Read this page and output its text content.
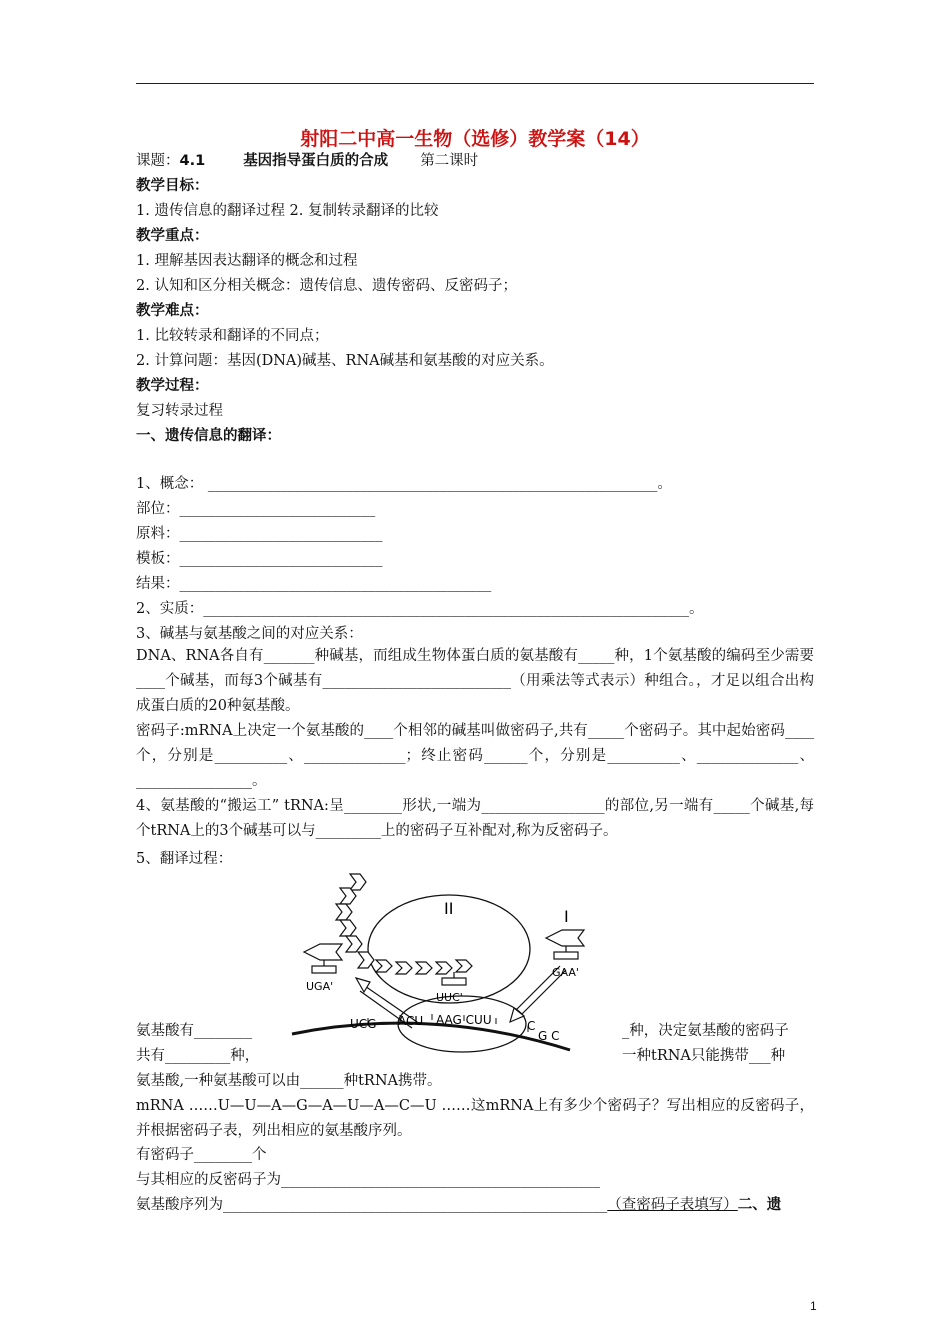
射阳二中高一生物（选修）教学案（14）
课题：4.1	基因指导蛋白质的合成 第二课时
教学目标：
1. 遗传信息的翻译过程 2. 复制转录翻译的比较
教学重点：
1. 理解基因表达翻译的概念和过程
2. 认知和区分相关概念：遗传信息、遗传密码、反密码子；
教学难点：
1. 比较转录和翻译的不同点；
2. 计算问题：基因(DNA)碱基、RNA碱基和氨基酸的对应关系。
教学过程：
复习转录过程
一、遗传信息的翻译：
1、概念： ______________________________________________________________。
部位：___________________________
原料：____________________________
模板：____________________________
结果：___________________________________________
2、实质：___________________________________________________________________。
3、碱基与氨基酸之间的对应关系：
DNA、RNA各自有_______种碱基，而组成生物体蛋白质的氨基酸有_____种，1个氨基酸的编码至少需要____个碱基，而每3个碱基有__________________________（用乘法等式表示）种组合。，才足以组合出构成蛋白质的20种氨基酸。
密码子:mRNA上决定一个氨基酸的____个相邻的碱基叫做密码子,共有_____个密码子。其中起始密码____个，分别是__________、______________；终止密码______个，分别是__________、______________、________________。
4、氨基酸的“搬运工” tRNA:呈________形状,一端为_________________的部位,另一端有_____个碱基,每个tRNA上的3个碱基可以与_________上的密码子互补配对,称为反密码子。
5、翻译过程：
II	I
UGA'
GAA'
UUC'
UCG ACU AAG CUU	C
G C
氨基酸有________	_种，决定氨基酸的密码子
共有_________种，	一种tRNA只能携带___种
氨基酸,一种氨基酸可以由______种tRNA携带。
mRNA ……U—U—A—G—A—U—A—C—U ……这mRNA上有多少个密码子？写出相应的反密码子，并根据密码子表，列出相应的氨基酸序列。
有密码子________个
与其相应的反密码子为____________________________________________
氨基酸序列为_____________________________________________________（查密码子表填写）二、遗
1
